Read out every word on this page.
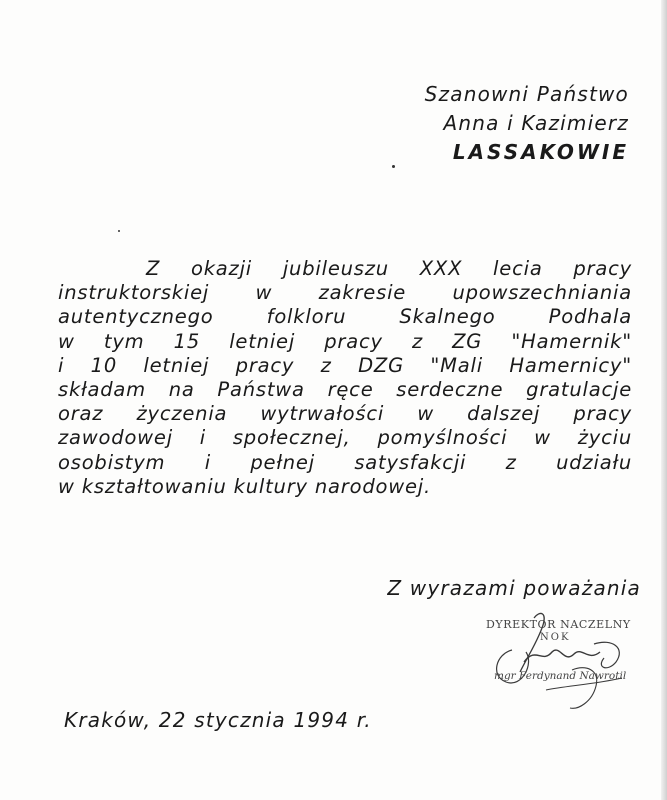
Szanowni Państwo
Anna i Kazimierz
LASSAKOWIE
Z okazji jubileuszu XXX lecia pracy
instruktorskiej w zakresie upowszechniania
autentycznego folkloru Skalnego Podhala
w tym 15 letniej pracy z ZG "Hamernik"
i 10 letniej pracy z DZG "Mali Hamernicy"
składam na Państwa ręce serdeczne gratulacje
oraz życzenia wytrwałości w dalszej pracy
zawodowej i społecznej, pomyślności w życiu
osobistym i pełnej satysfakcji z udziału
w kształtowaniu kultury narodowej.
Z wyrazami poważania
DYREKTOR NACZELNY
NOK
mgr Ferdynand Nawrotil
Kraków, 22 stycznia 1994 r.
